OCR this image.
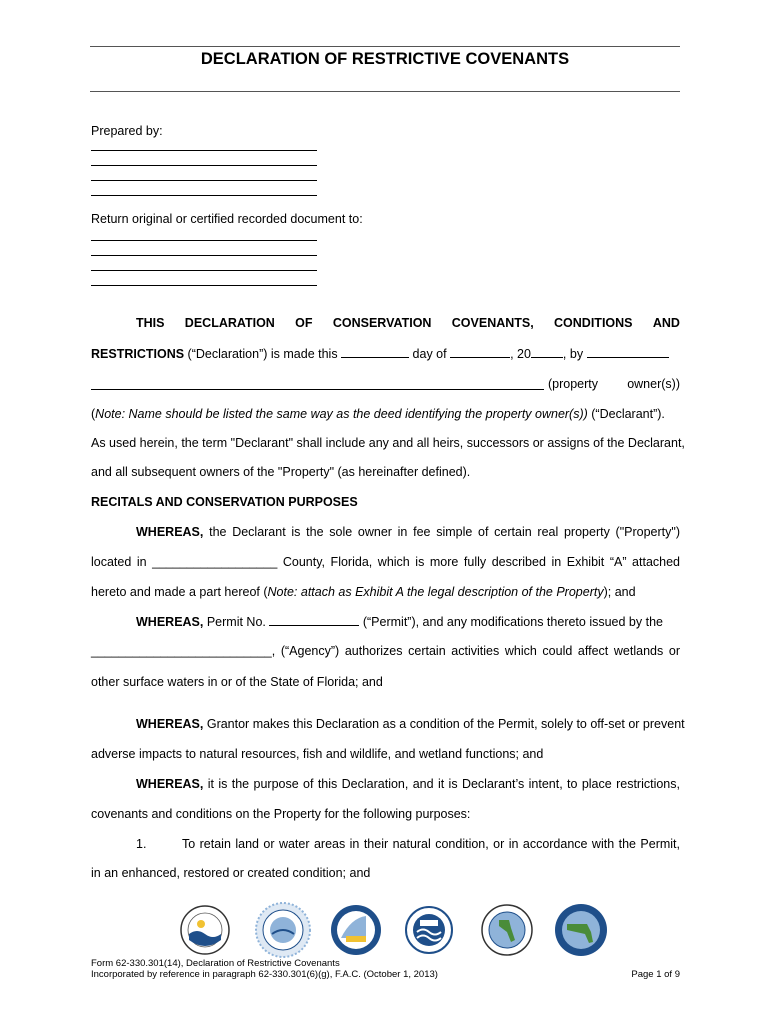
DECLARATION OF RESTRICTIVE COVENANTS
Prepared by:
Return original or certified recorded document to:
THIS DECLARATION OF CONSERVATION COVENANTS, CONDITIONS AND
RESTRICTIONS (“Declaration”) is made this	day of	, 20	, by
(property owner(s))
(Note: Name should be listed the same way as the deed identifying the property owner(s)) (“Declarant”).
As used herein, the term "Declarant" shall include any and all heirs, successors or assigns of the Declarant,
and all subsequent owners of the "Property" (as hereinafter defined).
RECITALS AND CONSERVATION PURPOSES
WHEREAS, the Declarant is the sole owner in fee simple of certain real property ("Property")
located in __________________ County, Florida, which is more fully described in Exhibit “A” attached
hereto and made a part hereof (Note: attach as Exhibit A the legal description of the Property); and
WHEREAS, Permit No.	(“Permit”), and any modifications thereto issued by the
__________________________, (“Agency”) authorizes certain activities which could affect wetlands or
other surface waters in or of the State of Florida; and
WHEREAS, Grantor makes this Declaration as a condition of the Permit, solely to off-set or prevent
adverse impacts to natural resources, fish and wildlife, and wetland functions; and
WHEREAS, it is the purpose of this Declaration, and it is Declarant’s intent, to place restrictions,
covenants and conditions on the Property for the following purposes:
1.	To retain land or water areas in their natural condition, or in accordance with the Permit,
in an enhanced, restored or created condition; and
Form 62-330.301(14), Declaration of Restrictive Covenants
Incorporated by reference in paragraph 62-330.301(6)(g), F.A.C. (October 1, 2013)	Page 1 of 9
